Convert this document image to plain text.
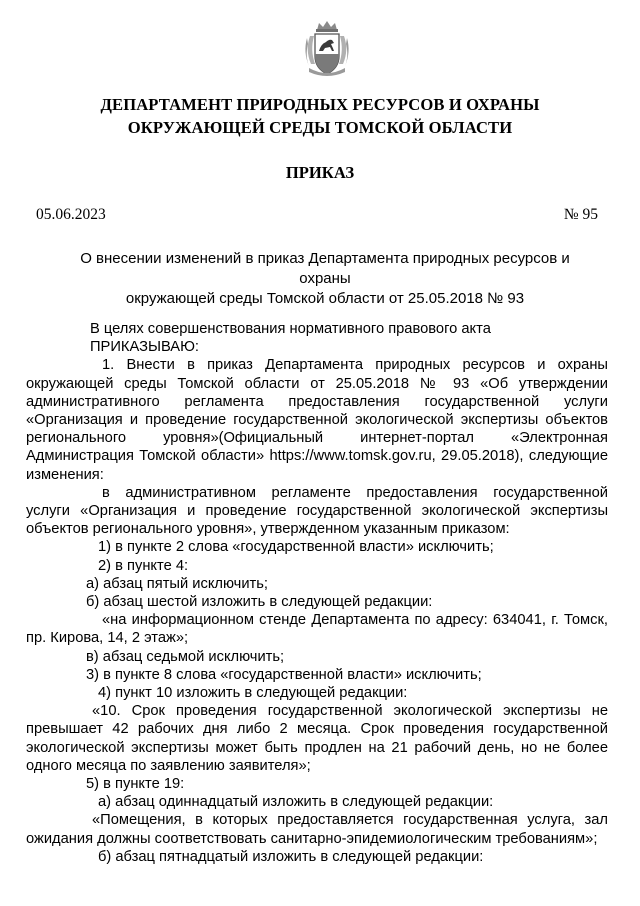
ДЕПАРТАМЕНТ ПРИРОДНЫХ РЕСУРСОВ И ОХРАНЫ

ОКРУЖАЮЩЕЙ СРЕДЫ ТОМСКОЙ ОБЛАСТИ

ПРИКАЗ

05.06.2023	№ 95
О внесении изменений в приказ Департамента природных ресурсов и охраны
окружающей среды Томской области от 25.05.2018 № 93

В целях совершенствования нормативного правового акта

ПРИКАЗЫВАЮ:

1. Внести в приказ Департамента природных ресурсов и охраны окружающей среды Томской области от 25.05.2018 № 93 «Об утверждении административного регламента предоставления государственной услуги «Организация и проведение государственной экологической экспертизы объектов регионального уровня»(Официальный интернет-портал «Электронная Администрация Томской области» https://www.tomsk.gov.ru, 29.05.2018), следующие изменения:

в административном регламенте предоставления государственной услуги «Организация и проведение государственной экологической экспертизы объектов регионального уровня», утвержденном указанным приказом:

1) в пункте 2 слова «государственной власти» исключить;

2) в пункте 4:

а) абзац пятый исключить;

б) абзац шестой изложить в следующей редакции:

«на информационном стенде Департамента по адресу: 634041, г. Томск, пр. Кирова, 14, 2 этаж»;

в) абзац седьмой исключить;

3) в пункте 8 слова «государственной власти» исключить;

4) пункт 10 изложить в следующей редакции:

«10. Срок проведения государственной экологической экспертизы не превышает 42 рабочих дня либо 2 месяца. Срок проведения государственной экологической экспертизы может быть продлен на 21 рабочий день, но не более одного месяца по заявлению заявителя»;

5) в пункте 19:

а) абзац одиннадцатый изложить в следующей редакции:

«Помещения, в которых предоставляется государственная услуга, зал ожидания должны соответствовать санитарно-эпидемиологическим требованиям»;

б) абзац пятнадцатый изложить в следующей редакции:
